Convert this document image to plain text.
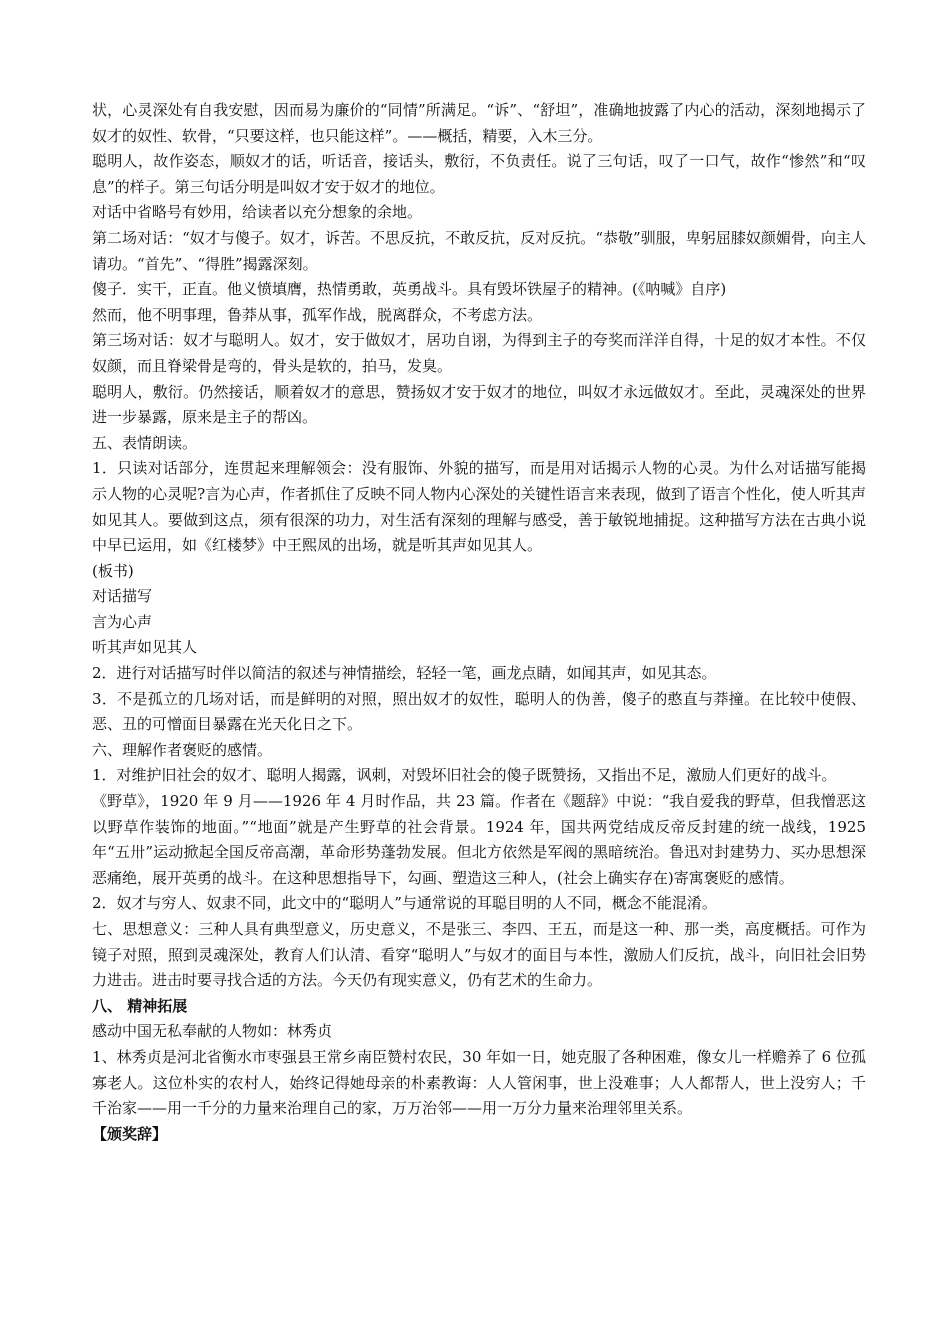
状，心灵深处有自我安慰，因而易为廉价的“同情”所满足。“诉”、“舒坦”，准确地披露了内心的活动，深刻地揭示了奴才的奴性、软骨，“只要这样，也只能这样”。——概括，精要，入木三分。

聪明人，故作姿态，顺奴才的话，听话音，接话头，敷衍，不负责任。说了三句话，叹了一口气，故作“惨然”和“叹息”的样子。第三句话分明是叫奴才安于奴才的地位。

对话中省略号有妙用，给读者以充分想象的余地。

第二场对话：“奴才与傻子。奴才，诉苦。不思反抗，不敢反抗，反对反抗。“恭敬”驯服，卑躬屈膝奴颜媚骨，向主人请功。“首先”、“得胜”揭露深刻。

傻子．实干，正直。他义愤填膺，热情勇敢，英勇战斗。具有毁坏铁屋子的精神。(《呐喊》自序)

然而，他不明事理，鲁莽从事，孤军作战，脱离群众，不考虑方法。

第三场对话：奴才与聪明人。奴才，安于做奴才，居功自诩，为得到主子的夸奖而洋洋自得，十足的奴才本性。不仅奴颜，而且脊梁骨是弯的，骨头是软的，拍马，发臭。

聪明人，敷衍。仍然接话，顺着奴才的意思，赞扬奴才安于奴才的地位，叫奴才永远做奴才。至此，灵魂深处的世界进一步暴露，原来是主子的帮凶。

五、表情朗读。

1．只读对话部分，连贯起来理解领会：没有服饰、外貌的描写，而是用对话揭示人物的心灵。为什么对话描写能揭示人物的心灵呢?言为心声，作者抓住了反映不同人物内心深处的关键性语言来表现，做到了语言个性化，使人听其声如见其人。要做到这点，须有很深的功力，对生活有深刻的理解与感受，善于敏锐地捕捉。这种描写方法在古典小说中早已运用，如《红楼梦》中王熙凤的出场，就是听其声如见其人。

(板书)

对话描写

言为心声

听其声如见其人

2．进行对话描写时伴以简洁的叙述与神情描绘，轻轻一笔，画龙点睛，如闻其声，如见其态。

3．不是孤立的几场对话，而是鲜明的对照，照出奴才的奴性，聪明人的伪善，傻子的憨直与莽撞。在比较中使假、恶、丑的可憎面目暴露在光天化日之下。

六、理解作者褒贬的感情。

1．对维护旧社会的奴才、聪明人揭露，讽刺，对毁坏旧社会的傻子既赞扬，又指出不足，激励人们更好的战斗。

《野草》，1920 年 9 月——1926 年 4 月时作品，共 23 篇。作者在《题辞》中说：“我自爱我的野草，但我憎恶这以野草作装饰的地面。”“地面”就是产生野草的社会背景。1924 年，国共两党结成反帝反封建的统一战线，1925 年“五卅”运动掀起全国反帝高潮，革命形势蓬勃发展。但北方依然是军阀的黑暗统治。鲁迅对封建势力、买办思想深恶痛绝，展开英勇的战斗。在这种思想指导下，勾画、塑造这三种人，(社会上确实存在)寄寓褒贬的感情。

2．奴才与穷人、奴隶不同，此文中的“聪明人”与通常说的耳聪目明的人不同，概念不能混淆。

七、思想意义：三种人具有典型意义，历史意义，不是张三、李四、王五，而是这一种、那一类，高度概括。可作为镜子对照，照到灵魂深处，教育人们认清、看穿“聪明人”与奴才的面目与本性，激励人们反抗，战斗，向旧社会旧势力进击。进击时要寻找合适的方法。今天仍有现实意义，仍有艺术的生命力。

八、 精神拓展

感动中国无私奉献的人物如：林秀贞

1、林秀贞是河北省衡水市枣强县王常乡南臣赞村农民，30 年如一日，她克服了各种困难，像女儿一样赡养了 6 位孤寡老人。这位朴实的农村人，始终记得她母亲的朴素教诲：人人管闲事，世上没难事；人人都帮人，世上没穷人；千千治家——用一千分的力量来治理自己的家，万万治邻——用一万分力量来治理邻里关系。

【颁奖辞】
